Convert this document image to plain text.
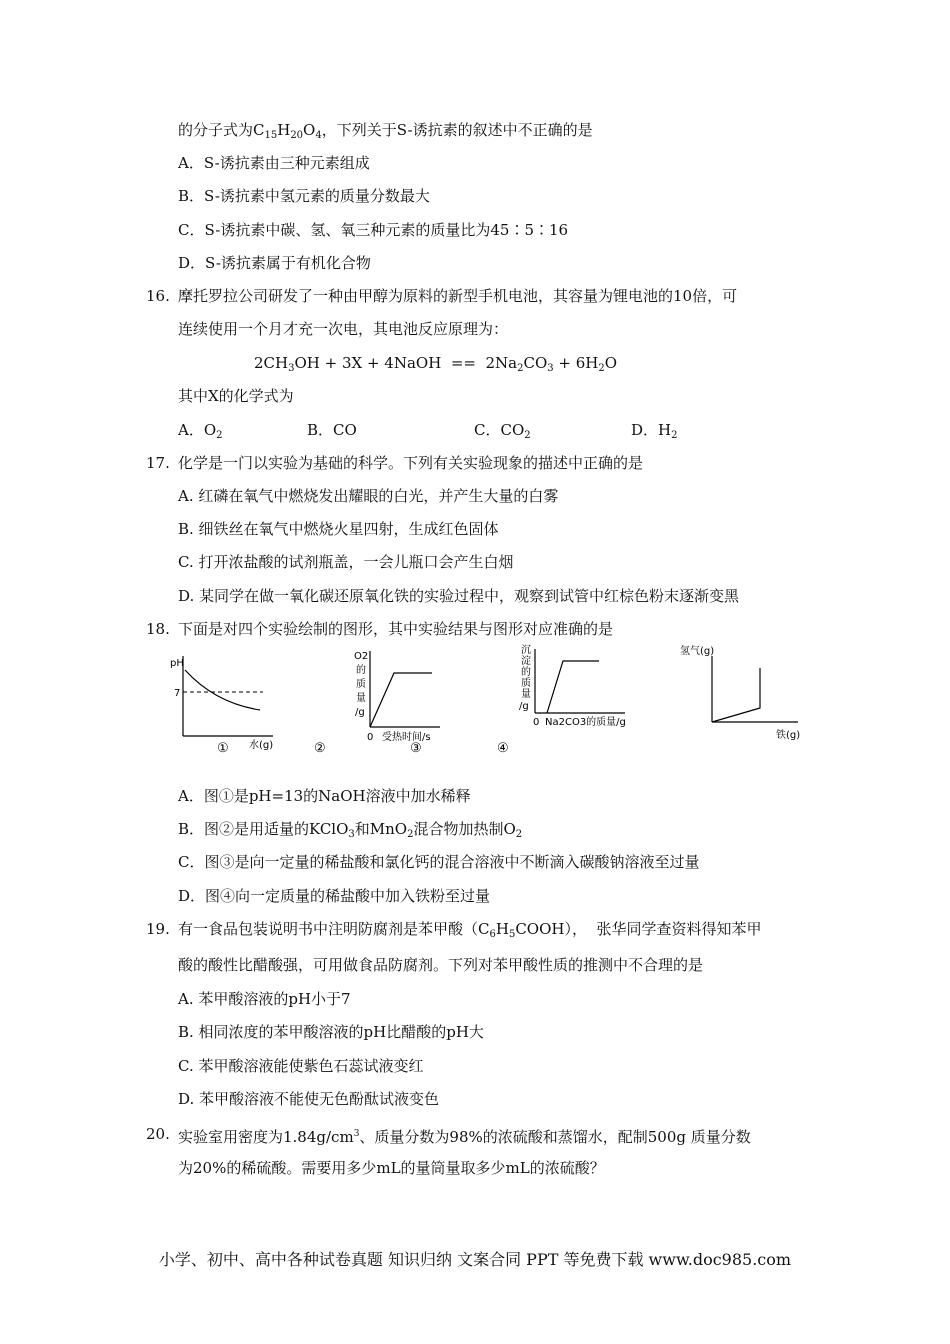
的分子式为$C_{15}H_{20}O_4$，下列关于S-诱抗素的叙述中不正确的是
A．S-诱抗素由三种元素组成
B．S-诱抗素中氢元素的质量分数最大
C．S-诱抗素中碳、氢、氧三种元素的质量比为45∶5∶16
D．S-诱抗素属于有机化合物
16. 摩托罗拉公司研发了一种由甲醇为原料的新型手机电池，其容量为锂电池的10倍，可
连续使用一个月才充一次电，其电池反应原理为：
$2CH_3OH + 3X$ + 4NaOH  ==  $2Na_2CO_3 + 6H_2O$
其中X的化学式为
A．$O_2$	B．CO	C．$CO_2$	D．$H_2$
17. 化学是一门以实验为基础的科学。下列有关实验现象的描述中正确的是
A. 红磷在氧气中燃烧发出耀眼的白光，并产生大量的白雾
B. 细铁丝在氧气中燃烧火星四射，生成红色固体
C. 打开浓盐酸的试剂瓶盖，一会儿瓶口会产生白烟
D. 某同学在做一氧化碳还原氧化铁的实验过程中，观察到试管中红棕色粉末逐渐变黑
18. 下面是对四个实验绘制的图形，其中实验结果与图形对应准确的是
pH
7
水(g)
①
O2
的
质
量
/g
0 受热时间/s
②	③
沉
淀
的
质
量
/g
0 Na2CO3的质量/g
④
氢气(g)
铁(g)
A．图①是pH=13的NaOH溶液中加水稀释
B．图②是用适量的KClO$_3$和MnO$_2$混合物加热制$O_2$
C．图③是向一定量的稀盐酸和氯化钙的混合溶液中不断滴入碳酸钠溶液至过量
D．图④向一定质量的稀盐酸中加入铁粉至过量
19. 有一食品包装说明书中注明防腐剂是苯甲酸$(C_6H_5COOH)$，  张华同学查资料得知苯甲
酸的酸性比醋酸强，可用做食品防腐剂。下列对苯甲酸性质的推测中不合理的是
A. 苯甲酸溶液的pH小于7
B. 相同浓度的苯甲酸溶液的pH比醋酸的pH大
C. 苯甲酸溶液能使紫色石蕊试液变红
D. 苯甲酸溶液不能使无色酚酞试液变色
20. 实验室用密度为$1.84g/cm^3$、质量分数为98%的浓硫酸和蒸馏水，配制500g 质量分数
为20%的稀硫酸。需要用多少mL的量筒量取多少mL的浓硫酸？
小学、初中、高中各种试卷真题 知识归纳 文案合同 PPT 等免费下载 www.doc985.com
